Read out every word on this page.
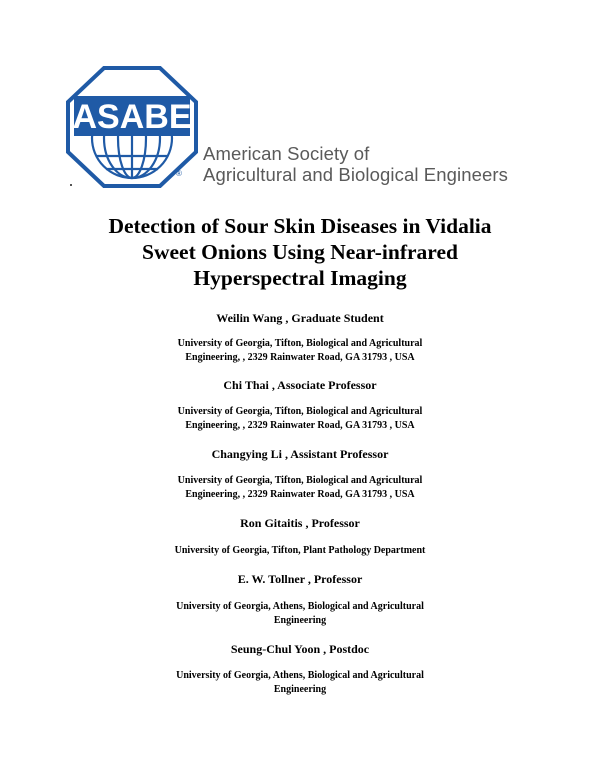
ASABE
®
American Society of
Agricultural and Biological Engineers
Detection of Sour Skin Diseases in Vidalia
Sweet Onions Using Near-infrared
Hyperspectral Imaging
Weilin Wang , Graduate Student
University of Georgia, Tifton, Biological and Agricultural
Engineering, , 2329 Rainwater Road, GA 31793 , USA
Chi Thai , Associate Professor
University of Georgia, Tifton, Biological and Agricultural
Engineering, , 2329 Rainwater Road, GA 31793 , USA
Changying Li , Assistant Professor
University of Georgia, Tifton, Biological and Agricultural
Engineering, , 2329 Rainwater Road, GA 31793 , USA
Ron Gitaitis , Professor
University of Georgia, Tifton, Plant Pathology Department
E. W. Tollner , Professor
University of Georgia, Athens, Biological and Agricultural
Engineering
Seung-Chul Yoon , Postdoc
University of Georgia, Athens, Biological and Agricultural
Engineering
